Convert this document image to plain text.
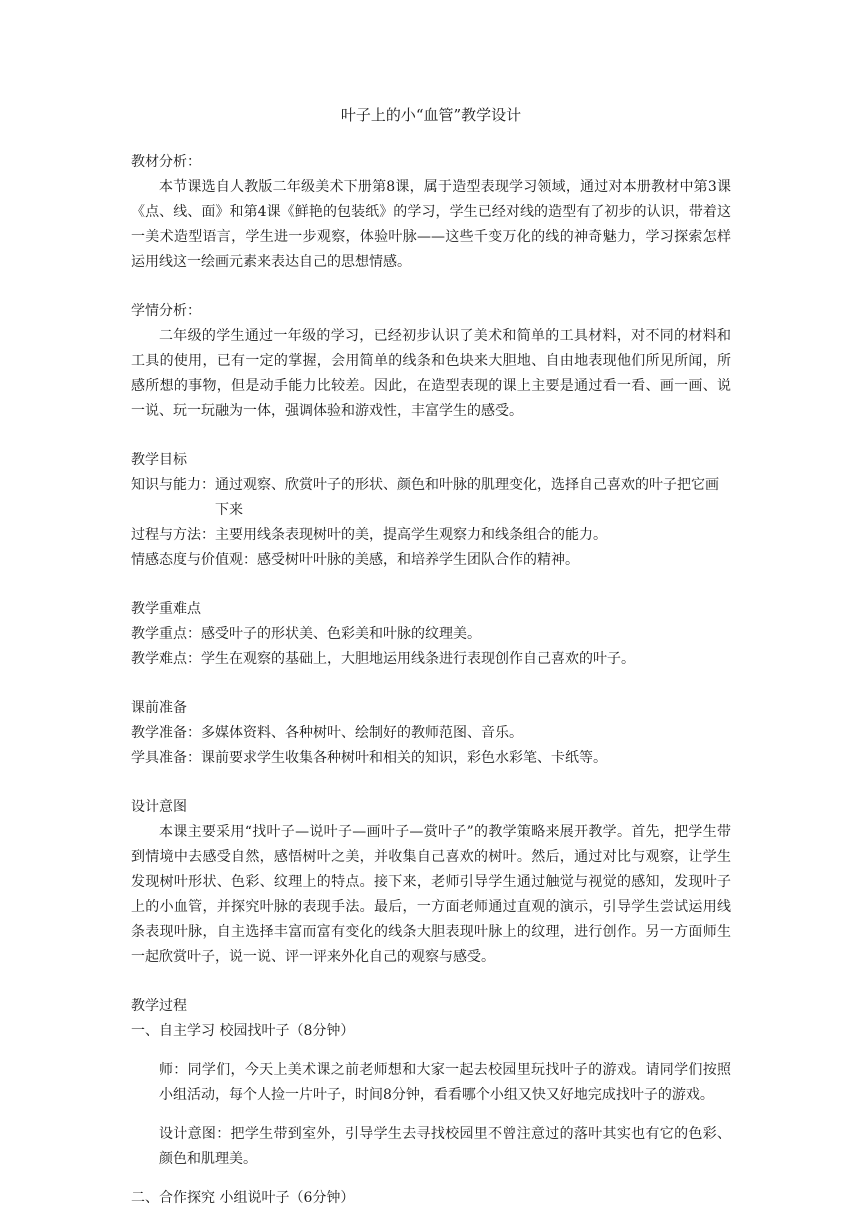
叶子上的小“血管”教学设计

教材分析：

本节课选自人教版二年级美术下册第8课，属于造型表现学习领域，通过对本册教材中第3课《点、线、面》和第4课《鲜艳的包装纸》的学习，学生已经对线的造型有了初步的认识，带着这一美术造型语言，学生进一步观察，体验叶脉——这些千变万化的线的神奇魅力，学习探索怎样运用线这一绘画元素来表达自己的思想情感。

学情分析：

二年级的学生通过一年级的学习，已经初步认识了美术和简单的工具材料，对不同的材料和工具的使用，已有一定的掌握，会用简单的线条和色块来大胆地、自由地表现他们所见所闻，所感所想的事物，但是动手能力比较差。因此，在造型表现的课上主要是通过看一看、画一画、说一说、玩一玩融为一体，强调体验和游戏性，丰富学生的感受。

教学目标

知识与能力： 通过观察、欣赏叶子的形状、颜色和叶脉的肌理变化，选择自己喜欢的叶子把它画下来
过程与方法： 主要用线条表现树叶的美，提高学生观察力和线条组合的能力。
情感态度与价值观： 感受树叶叶脉的美感，和培养学生团队合作的精神。

教学重难点

教学重点： 感受叶子的形状美、色彩美和叶脉的纹理美。
教学难点： 学生在观察的基础上，大胆地运用线条进行表现创作自己喜欢的叶子。

课前准备

教学准备： 多媒体资料、各种树叶、绘制好的教师范图、音乐。
学具准备： 课前要求学生收集各种树叶和相关的知识，彩色水彩笔、卡纸等。

设计意图

本课主要采用“找叶子—说叶子—画叶子—赏叶子”的教学策略来展开教学。首先，把学生带到情境中去感受自然，感悟树叶之美，并收集自己喜欢的树叶。然后，通过对比与观察，让学生发现树叶形状、色彩、纹理上的特点。接下来，老师引导学生通过触觉与视觉的感知，发现叶子上的小血管，并探究叶脉的表现手法。最后，一方面老师通过直观的演示，引导学生尝试运用线条表现叶脉，自主选择丰富而富有变化的线条大胆表现叶脉上的纹理，进行创作。另一方面师生一起欣赏叶子，说一说、评一评来外化自己的观察与感受。

教学过程

一、自主学习 校园找叶子（8分钟）

师：同学们，今天上美术课之前老师想和大家一起去校园里玩找叶子的游戏。请同学们按照小组活动，每个人捡一片叶子，时间8分钟，看看哪个小组又快又好地完成找叶子的游戏。

设计意图：把学生带到室外，引导学生去寻找校园里不曾注意过的落叶其实也有它的色彩、颜色和肌理美。

二、合作探究 小组说叶子（6分钟）
